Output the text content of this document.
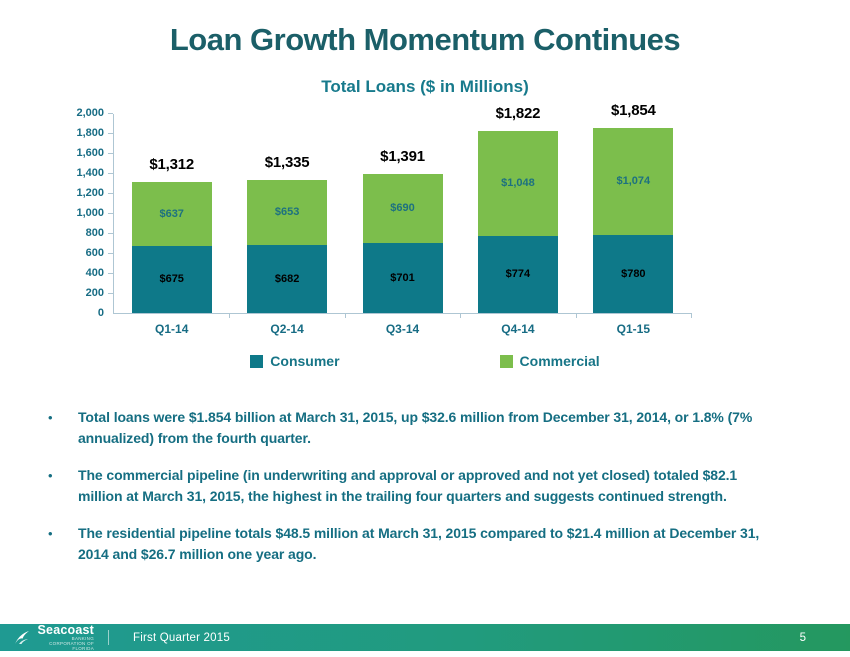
Loan Growth Momentum Continues
Total Loans ($ in Millions)
0
200
400
600
800
1,000
1,200
1,400
1,600
1,800
2,000
$675
$637
$1,312
Q1-14
$682
$653
$1,335
Q2-14
$701
$690
$1,391
Q3-14
$774
$1,048
$1,822
Q4-14
$780
$1,074
$1,854
Q1-15
Consumer	Commercial
•	Total loans were $1.854 billion at March 31, 2015, up $32.6 million from December 31, 2014, or 1.8% (7% annualized) from the fourth quarter.
•	The commercial pipeline (in underwriting and approval or approved and not yet closed) totaled $82.1 million at March 31, 2015, the highest in the trailing four quarters and suggests continued strength.
•	The residential pipeline totals $48.5 million at March 31, 2015 compared to $21.4 million at December 31, 2014 and $26.7 million one year ago.
Seacoast
BANKING CORPORATION OF FLORIDA
First Quarter 2015	5
